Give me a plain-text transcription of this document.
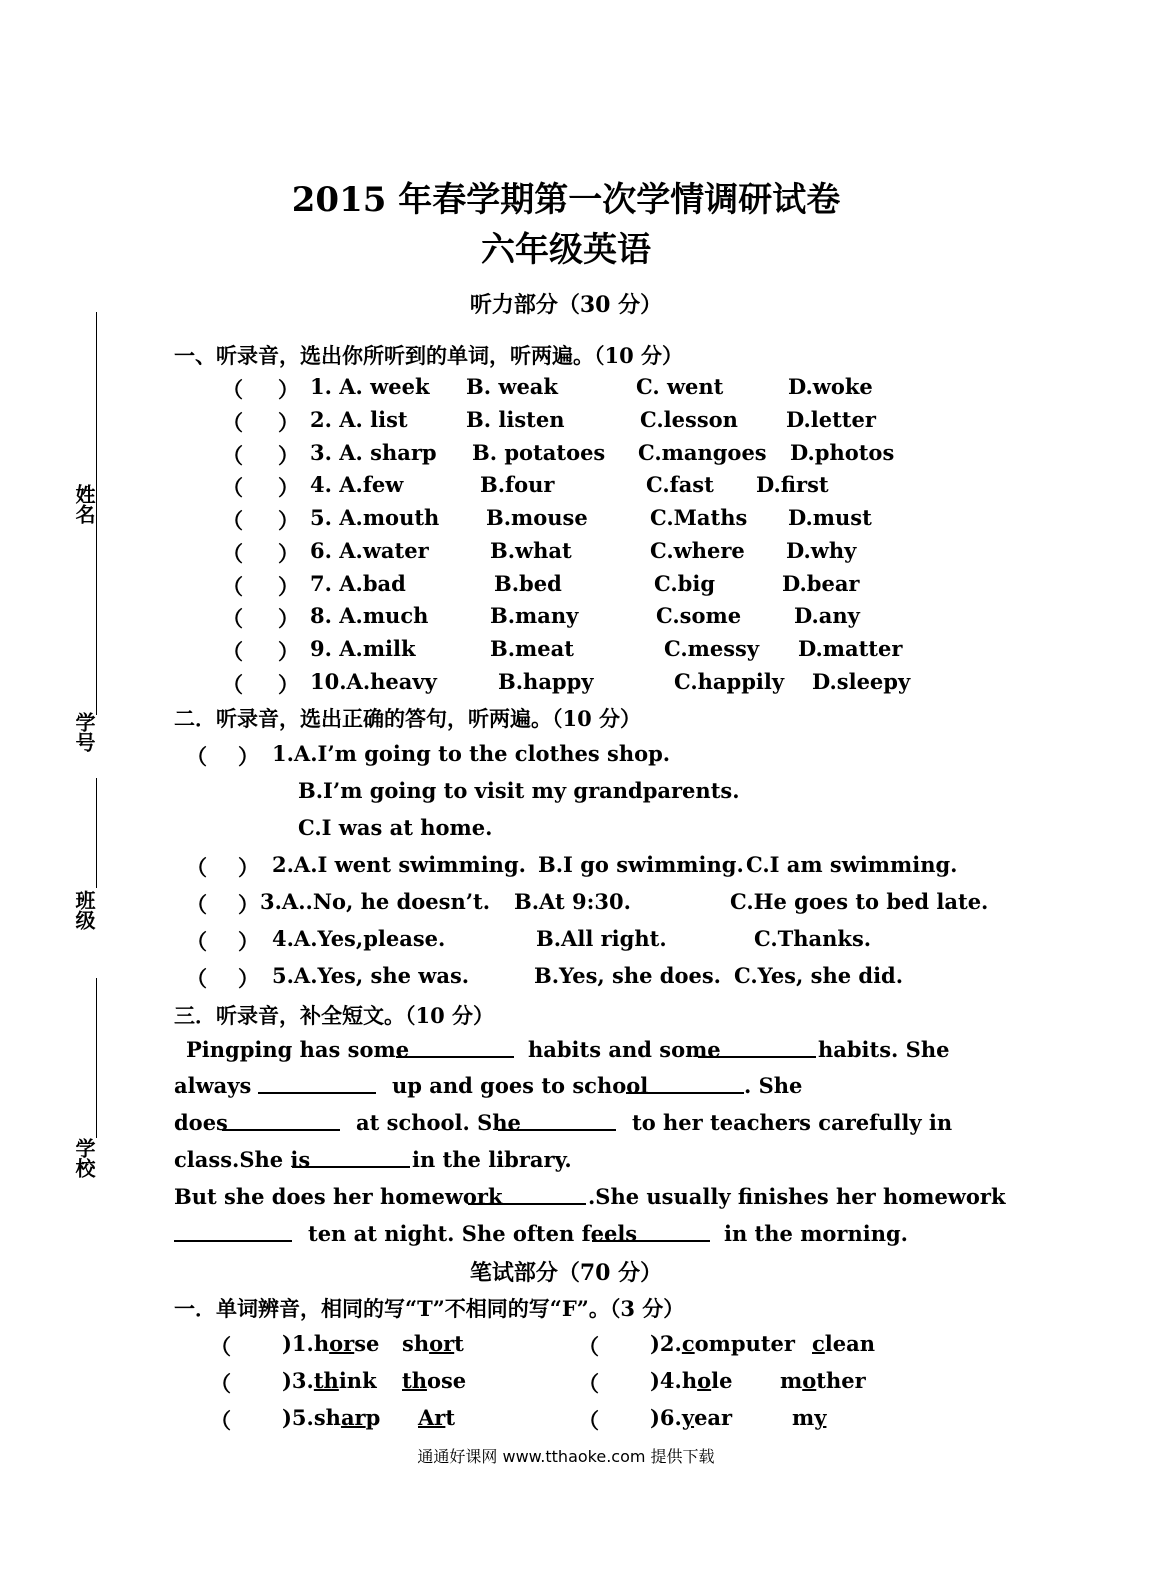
姓名
学号
班级
学校
2015 年春学期第一次学情调研试卷
六年级英语
听力部分（30 分）
一、听录音，选出你所听到的单词，听两遍。（10 分）
（ ） 1. A. week B. weak	C. went	D.woke
（ ） 2. A. list	B. listen	C.lesson D.letter
（ ） 3. A. sharp B. potatoes C.mangoes D.photos
（ ） 4. A.few	B.four	C.fast D.first
（ ） 5. A.mouth B.mouse	C.Maths D.must
（ ） 6. A.water	B.what	C.where D.why
（ ） 7. A.bad	B.bed	C.big	D.bear
（ ） 8. A.much	B.many	C.some	D.any
（ ） 9. A.milk	B.meat	C.messy D.matter
（ ） 10.A.heavy	B.happy	C.happily D.sleepy
二．听录音，选出正确的答句，听两遍。（10 分）
（ ） 1.A.I’m going to the clothes shop.
B.I’m going to visit my grandparents.
C.I was at home.
（ ） 2.A.I went swimming. B.I go swimming. C.I am swimming.
（ ） 3.A..No, he doesn’t. B.At 9:30.	C.He goes to bed late.
（ ） 4.A.Yes,please.	B.All right.	C.Thanks.
（ ） 5.A.Yes, she was.	B.Yes, she does. C.Yes, she did.
三．听录音，补全短文。（10 分）
Pingping has some	habits and some	habits. She
always	up and goes to school	. She
does	at school. She	to her teachers carefully in
class.She is	in the library.
But she does her homework	.She usually finishes her homework
ten at night. She often feels	in the morning.
笔试部分（70 分）
一．单词辨音，相同的写“T”不相同的写“F”。（3 分）
（ )1.horse short	（ )2.computer clean
（ )3.think those	（ )4.hole mother
（ )5.sharp Art	（ )6.year	my
通通好课网 www.tthaoke.com 提供下载
